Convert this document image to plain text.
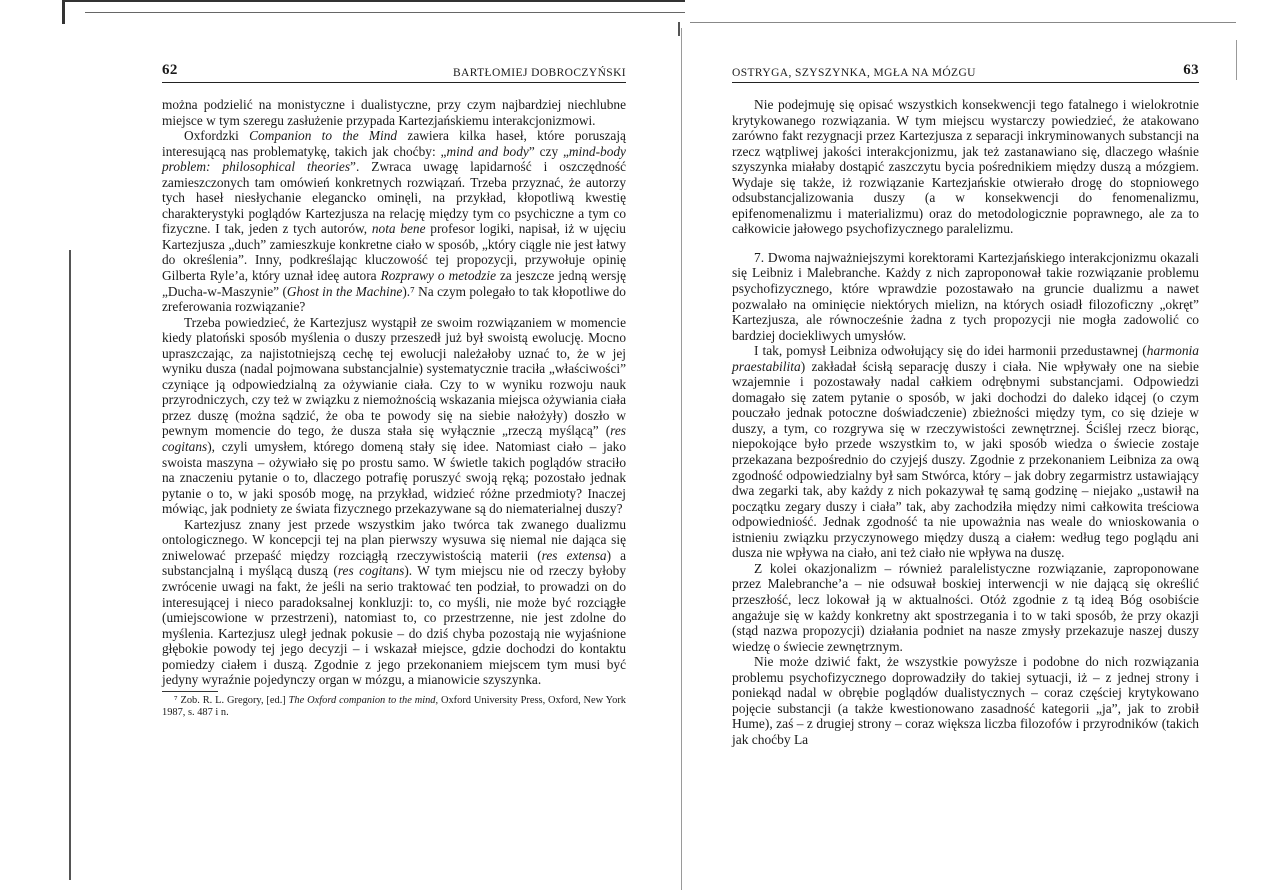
62	BARTŁOMIEJ DOBROCZYŃSKI

można podzielić na monistyczne i dualistyczne, przy czym najbardziej niechlubne miejsce w tym szeregu zasłużenie przypada Kartezjańskiemu interakcjonizmowi.

Oxfordzki Companion to the Mind zawiera kilka haseł, które poruszają interesującą nas problematykę, takich jak choćby: „mind and body” czy „mind-body problem: philosophical theories”. Zwraca uwagę lapidarność i oszczędność zamieszczonych tam omówień konkretnych rozwiązań. Trzeba przyznać, że autorzy tych haseł niesłychanie elegancko ominęli, na przykład, kłopotliwą kwestię charakterystyki poglądów Kartezjusza na relację między tym co psychiczne a tym co fizyczne. I tak, jeden z tych autorów, nota bene profesor logiki, napisał, iż w ujęciu Kartezjusza „duch” zamieszkuje konkretne ciało w sposób, „który ciągle nie jest łatwy do określenia”. Inny, podkreślając kluczowość tej propozycji, przywołuje opinię Gilberta Ryle’a, który uznał ideę autora Rozprawy o metodzie za jeszcze jedną wersję „Ducha-w-Maszynie” (Ghost in the Machine).⁷ Na czym polegało to tak kłopotliwe do zreferowania rozwiązanie?

Trzeba powiedzieć, że Kartezjusz wystąpił ze swoim rozwiązaniem w momencie kiedy platoński sposób myślenia o duszy przeszedł już był swoistą ewolucję. Mocno upraszczając, za najistotniejszą cechę tej ewolucji należałoby uznać to, że w jej wyniku dusza (nadal pojmowana substancjalnie) systematycznie traciła „właściwości” czyniące ją odpowiedzialną za ożywianie ciała. Czy to w wyniku rozwoju nauk przyrodniczych, czy też w związku z niemożnością wskazania miejsca ożywiania ciała przez duszę (można sądzić, że oba te powody się na siebie nałożyły) doszło w pewnym momencie do tego, że dusza stała się wyłącznie „rzeczą myślącą” (res cogitans), czyli umysłem, którego domeną stały się idee. Natomiast ciało – jako swoista maszyna – ożywiało się po prostu samo. W świetle takich poglądów straciło na znaczeniu pytanie o to, dlaczego potrafię poruszyć swoją ręką; pozostało jednak pytanie o to, w jaki sposób mogę, na przykład, widzieć różne przedmioty? Inaczej mówiąc, jak podniety ze świata fizycznego przekazywane są do niematerialnej duszy?

Kartezjusz znany jest przede wszystkim jako twórca tak zwanego dualizmu ontologicznego. W koncepcji tej na plan pierwszy wysuwa się niemal nie dająca się zniwelować przepaść między rozciągłą rzeczywistością materii (res extensa) a substancjalną i myślącą duszą (res cogitans). W tym miejscu nie od rzeczy byłoby zwrócenie uwagi na fakt, że jeśli na serio traktować ten podział, to prowadzi on do interesującej i nieco paradoksalnej konkluzji: to, co myśli, nie może być rozciągłe (umiejscowione w przestrzeni), natomiast to, co przestrzenne, nie jest zdolne do myślenia. Kartezjusz uległ jednak pokusie – do dziś chyba pozostają nie wyjaśnione głębokie powody tej jego decyzji – i wskazał miejsce, gdzie dochodzi do kontaktu pomiedzy ciałem i duszą. Zgodnie z jego przekonaniem miejscem tym musi być jedyny wyraźnie pojedynczy organ w mózgu, a mianowicie szyszynka.

⁷ Zob. R. L. Gregory, [ed.] The Oxford companion to the mind, Oxford University Press, Oxford, New York 1987, s. 487 i n.
OSTRYGA, SZYSZYNKA, MGŁA NA MÓZGU	63

Nie podejmuję się opisać wszystkich konsekwencji tego fatalnego i wielokrotnie krytykowanego rozwiązania. W tym miejscu wystarczy powiedzieć, że atakowano zarówno fakt rezygnacji przez Kartezjusza z separacji inkryminowanych substancji na rzecz wątpliwej jakości interakcjonizmu, jak też zastanawiano się, dlaczego właśnie szyszynka miałaby dostąpić zaszczytu bycia pośrednikiem między duszą a mózgiem. Wydaje się także, iż rozwiązanie Kartezjańskie otwierało drogę do stopniowego odsubstancjalizowania duszy (a w konsekwencji do fenomenalizmu, epifenomenalizmu i materializmu) oraz do metodologicznie poprawnego, ale za to całkowicie jałowego psychofizycznego paralelizmu.

7. Dwoma najważniejszymi korektorami Kartezjańskiego interakcjonizmu okazali się Leibniz i Malebranche. Każdy z nich zaproponował takie rozwiązanie problemu psychofizycznego, które wprawdzie pozostawało na gruncie dualizmu a nawet pozwalało na ominięcie niektórych mielizn, na których osiadł filozoficzny „okręt” Kartezjusza, ale równocześnie żadna z tych propozycji nie mogła zadowolić co bardziej dociekliwych umysłów.

I tak, pomysł Leibniza odwołujący się do idei harmonii przedustawnej (harmonia praestabilita) zakładał ścisłą separację duszy i ciała. Nie wpływały one na siebie wzajemnie i pozostawały nadal całkiem odrębnymi substancjami. Odpowiedzi domagało się zatem pytanie o sposób, w jaki dochodzi do daleko idącej (o czym pouczało jednak potoczne doświadczenie) zbieżności między tym, co się dzieje w duszy, a tym, co rozgrywa się w rzeczywistości zewnętrznej. Ściślej rzecz biorąc, niepokojące było przede wszystkim to, w jaki sposób wiedza o świecie zostaje przekazana bezpośrednio do czyjejś duszy. Zgodnie z przekonaniem Leibniza za ową zgodność odpowiedzialny był sam Stwórca, który – jak dobry zegarmistrz ustawiający dwa zegarki tak, aby każdy z nich pokazywał tę samą godzinę – niejako „ustawił na początku zegary duszy i ciała” tak, aby zachodziła między nimi całkowita treściowa odpowiedniość. Jednak zgodność ta nie upoważnia nas weale do wnioskowania o istnieniu związku przyczynowego między duszą a ciałem: według tego poglądu ani dusza nie wpływa na ciało, ani też ciało nie wpływa na duszę.

Z kolei okazjonalizm – również paralelistyczne rozwiązanie, zaproponowane przez Malebranche’a – nie odsuwał boskiej interwencji w nie dającą się określić przeszłość, lecz lokował ją w aktualności. Otóż zgodnie z tą ideą Bóg osobiście angażuje się w każdy konkretny akt spostrzegania i to w taki sposób, że przy okazji (stąd nazwa propozycji) działania podniet na nasze zmysły przekazuje naszej duszy wiedzę o świecie zewnętrznym.

Nie może dziwić fakt, że wszystkie powyższe i podobne do nich rozwiązania problemu psychofizycznego doprowadziły do takiej sytuacji, iż – z jednej strony i poniekąd nadal w obrębie poglądów dualistycznych – coraz częściej krytykowano pojęcie substancji (a także kwestionowano zasadność kategorii „ja”, jak to zrobił Hume), zaś – z drugiej strony – coraz większa liczba filozofów i przyrodników (takich jak choćby La
